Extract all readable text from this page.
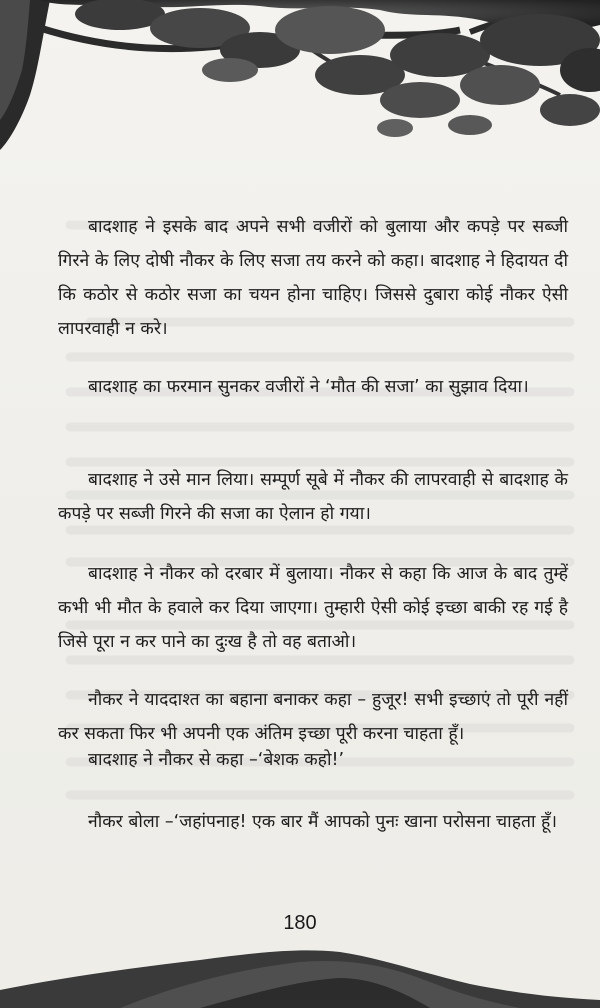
बादशाह ने इसके बाद अपने सभी वजीरों को बुलाया और कपड़े पर सब्जी गिरने के लिए दोषी नौकर के लिए सजा तय करने को कहा। बादशाह ने हिदायत दी कि कठोर से कठोर सजा का चयन होना चाहिए। जिससे दुबारा कोई नौकर ऐसी लापरवाही न करे।

बादशाह का फरमान सुनकर वजीरों ने ‘मौत की सजा’ का सुझाव दिया।

बादशाह ने उसे मान लिया। सम्पूर्ण सूबे में नौकर की लापरवाही से बादशाह के कपड़े पर सब्जी गिरने की सजा का ऐलान हो गया।

बादशाह ने नौकर को दरबार में बुलाया। नौकर से कहा कि आज के बाद तुम्हें कभी भी मौत के हवाले कर दिया जाएगा। तुम्हारी ऐसी कोई इच्छा बाकी रह गई है जिसे पूरा न कर पाने का दुःख है तो वह बताओ।

नौकर ने याददाश्त का बहाना बनाकर कहा – हुजूर! सभी इच्छाएं तो पूरी नहीं कर सकता फिर भी अपनी एक अंतिम इच्छा पूरी करना चाहता हूँ।

बादशाह ने नौकर से कहा –‘बेशक कहो!’

नौकर बोला –‘जहांपनाह! एक बार मैं आपको पुनः खाना परोसना चाहता हूँ।

180
